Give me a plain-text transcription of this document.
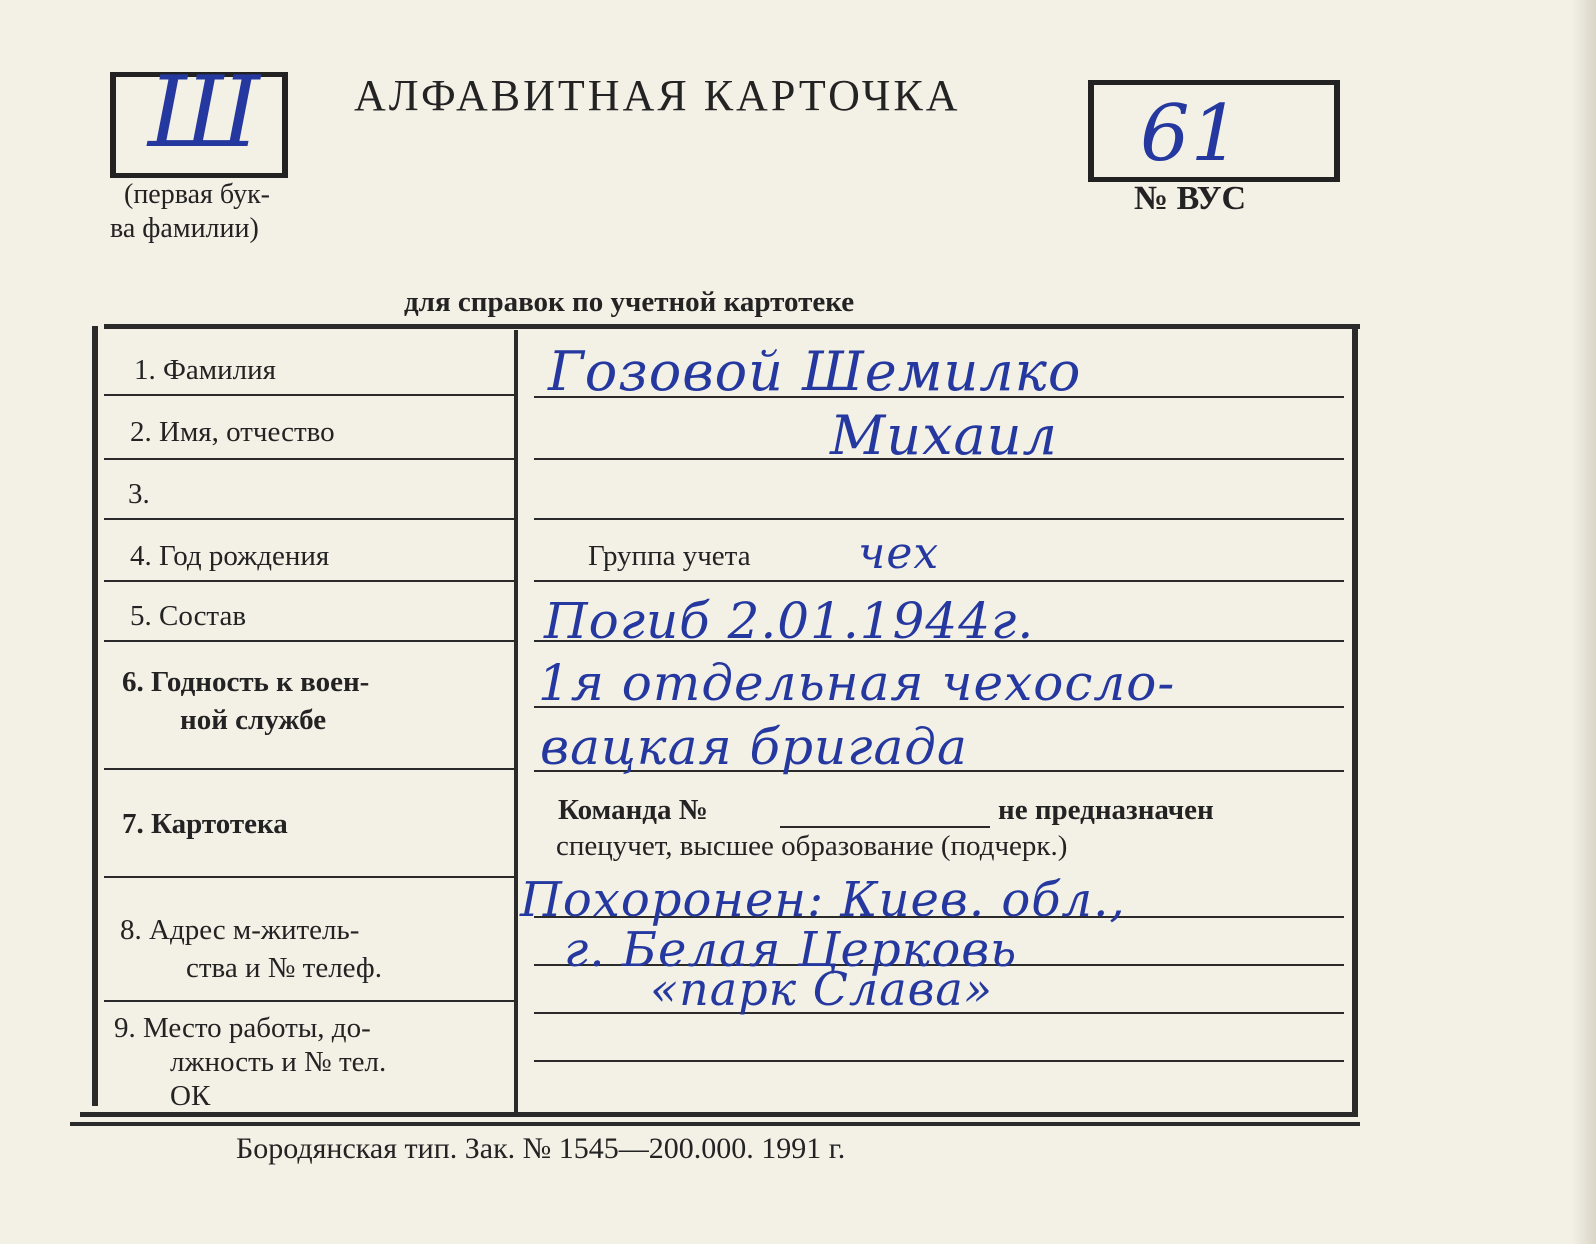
Ш
(первая бук-
ва фамилии)
АЛФАВИТНАЯ КАРТОЧКА 61
№ ВУС
для справок по учетной картотеке
1. Фамилия
2. Имя, отчество
3.
4. Год рождения
5. Состав
6. Годность к воен-
ной службе
7. Картотека
8. Адрес м-житель-
ства и № телеф.
9. Место работы, до-
лжность и № тел.
ОК
Гозовой Шемилко
Михаил
Группа учета чех
Погиб 2.01.1944г.
1я отдельная чехосло-
вацкая бригада
Команда №	не предназначен
спецучет, высшее образование (подчерк.)
Похоронен: Киев. обл.,
г. Белая Церковь
«парк Слава»
Бородянская тип. Зак. № 1545—200.000. 1991 г.
